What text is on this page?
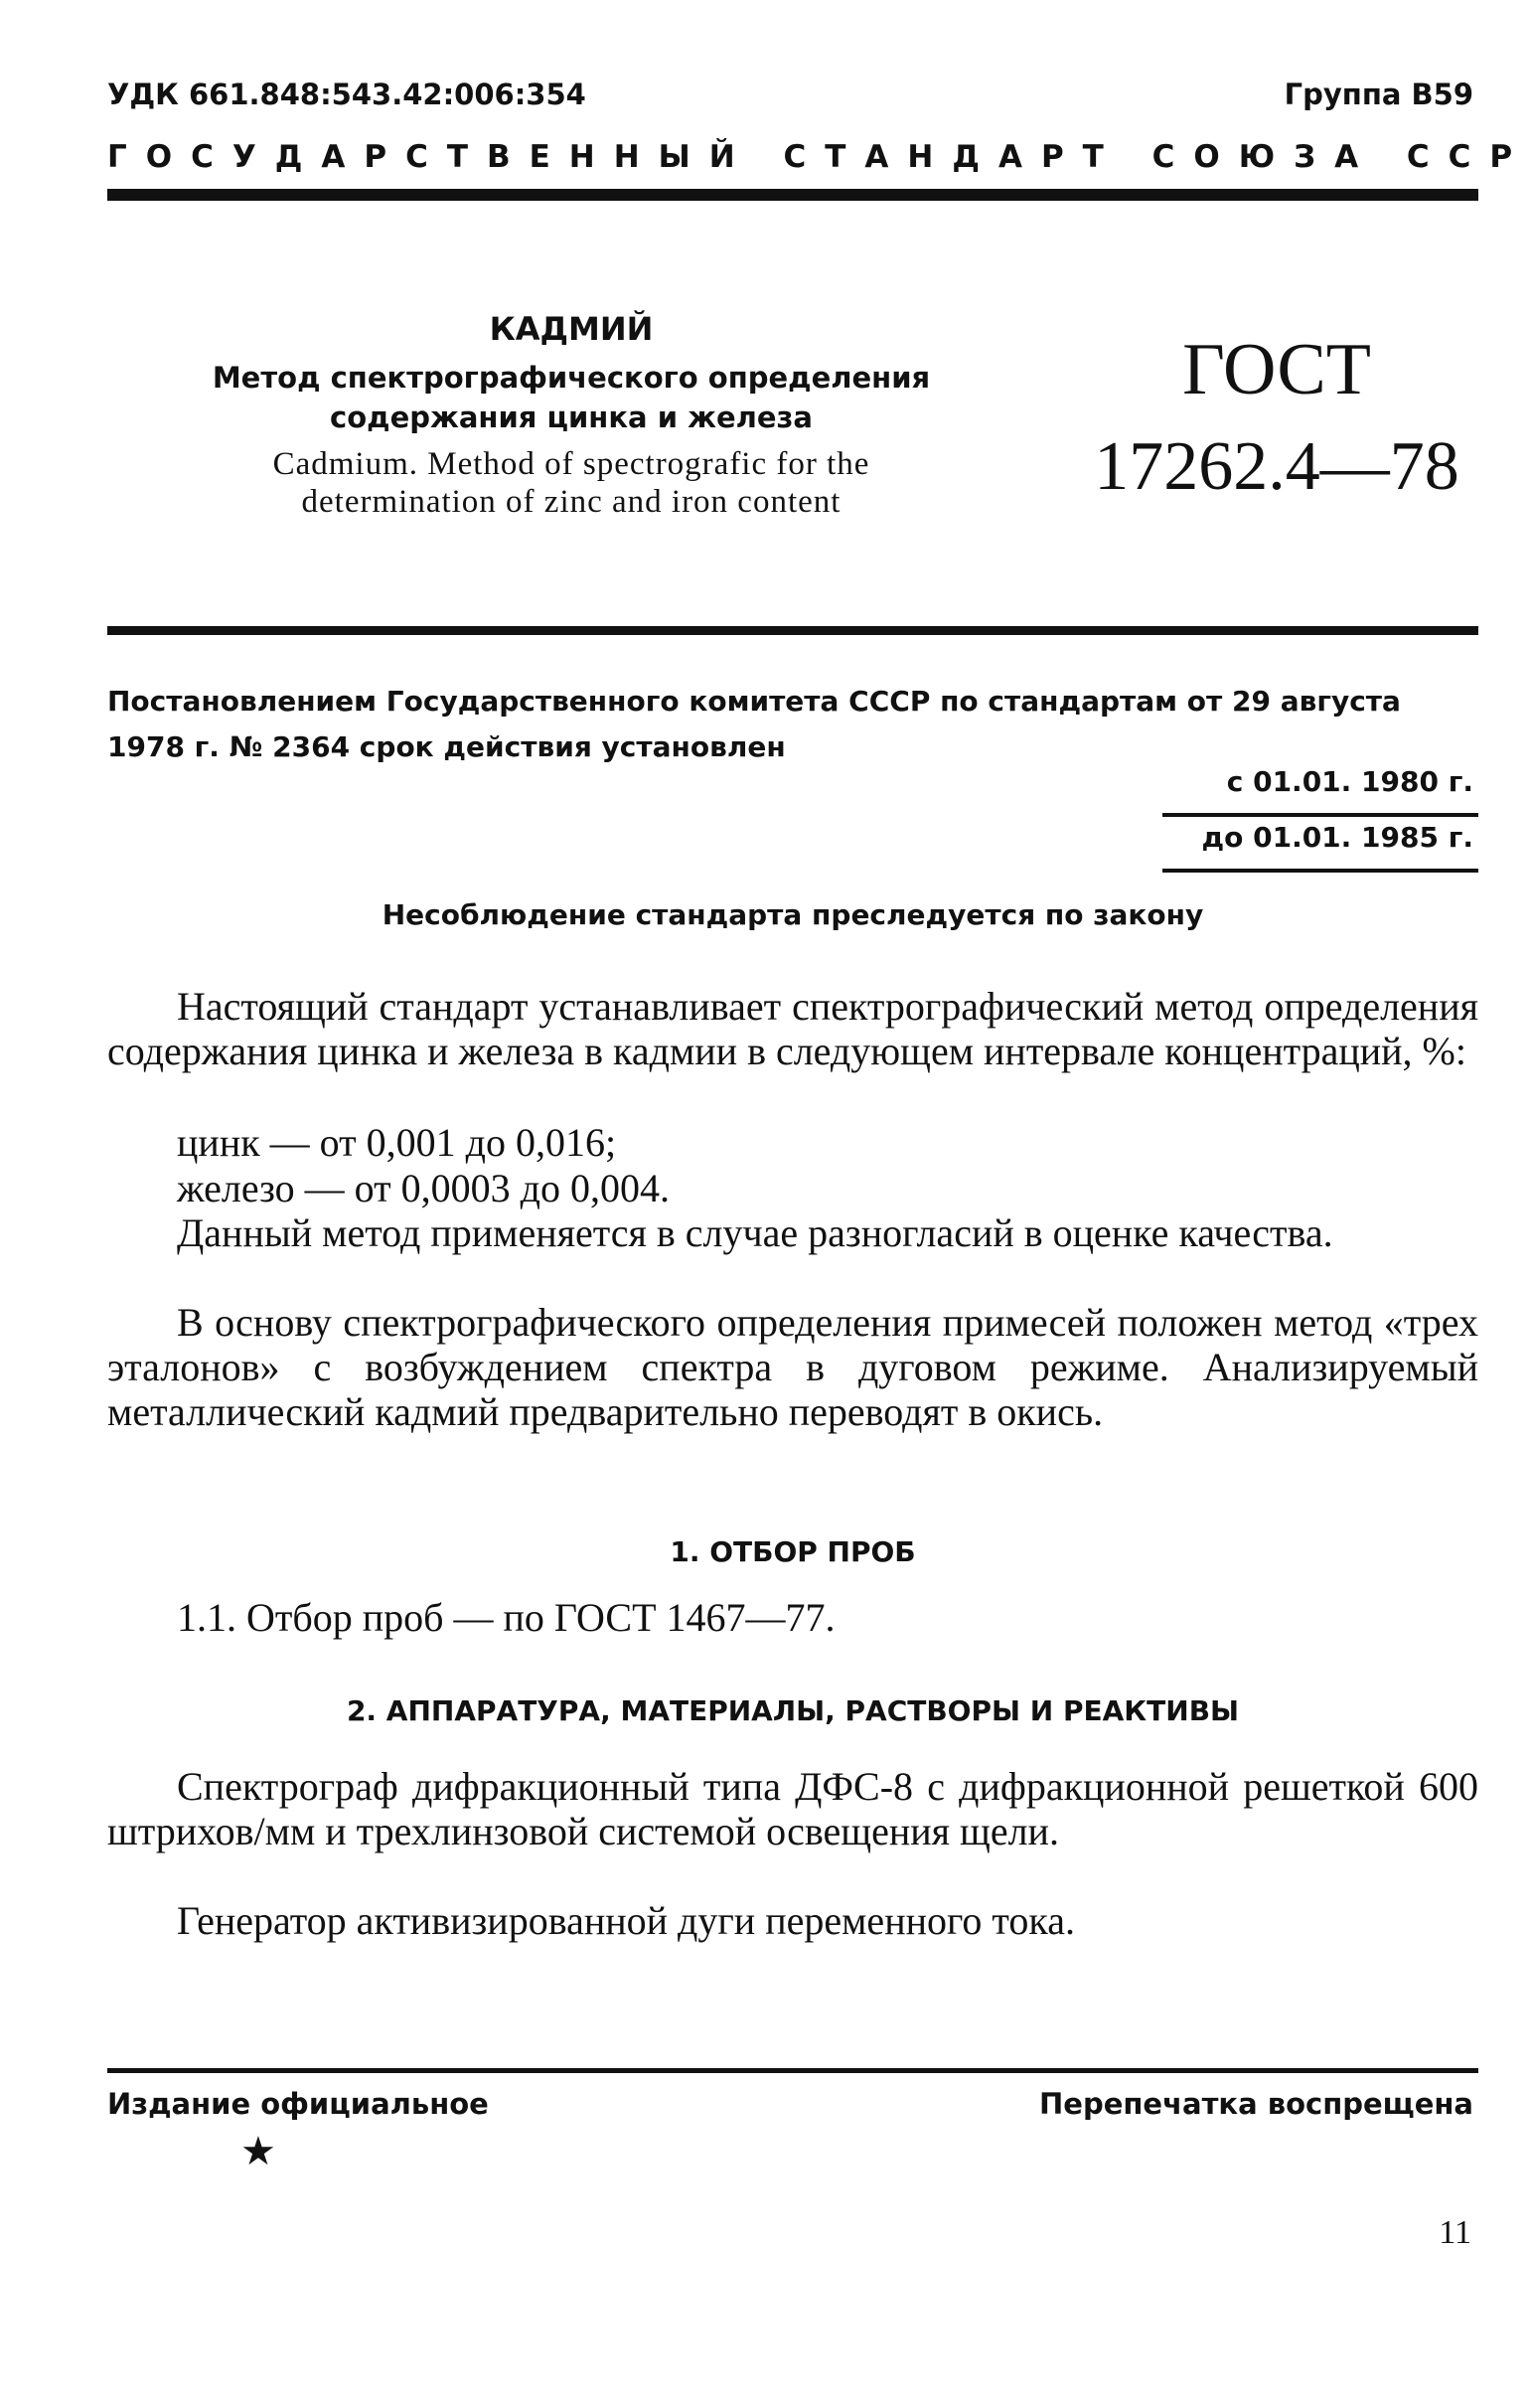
УДК 661.848:543.42:006:354	Группа В59
ГОСУДАРСТВЕННЫЙ СТАНДАРТ СОЮЗА ССР
КАДМИЙ
Метод спектрографического определения
содержания цинка и железа
Cadmium. Method of spectrografic for the
determination of zinc and iron content
ГОСТ
17262.4—78
Постановлением Государственного комитета СССР по стандартам от 29 августа
1978 г. № 2364 срок действия установлен
с 01.01. 1980 г.
до 01.01. 1985 г.
Несоблюдение стандарта преследуется по закону
Настоящий стандарт устанавливает спектрографический метод определения содержания цинка и железа в кадмии в следующем интервале концентраций, %:
цинк — от 0,001 до 0,016;
железо — от 0,0003 до 0,004.
Данный метод применяется в случае разногласий в оценке качества.
В основу спектрографического определения примесей положен метод «трех эталонов» с возбуждением спектра в дуговом режиме. Анализируемый металлический кадмий предварительно переводят в окись.
1. ОТБОР ПРОБ
1.1. Отбор проб — по ГОСТ 1467—77.
2. АППАРАТУРА, МАТЕРИАЛЫ, РАСТВОРЫ И РЕАКТИВЫ
Спектрограф дифракционный типа ДФС-8 с дифракционной решеткой 600 штрихов/мм и трехлинзовой системой освещения щели.
Генератор активизированной дуги переменного тока.
Издание официальное	Перепечатка воспрещена
★
11
